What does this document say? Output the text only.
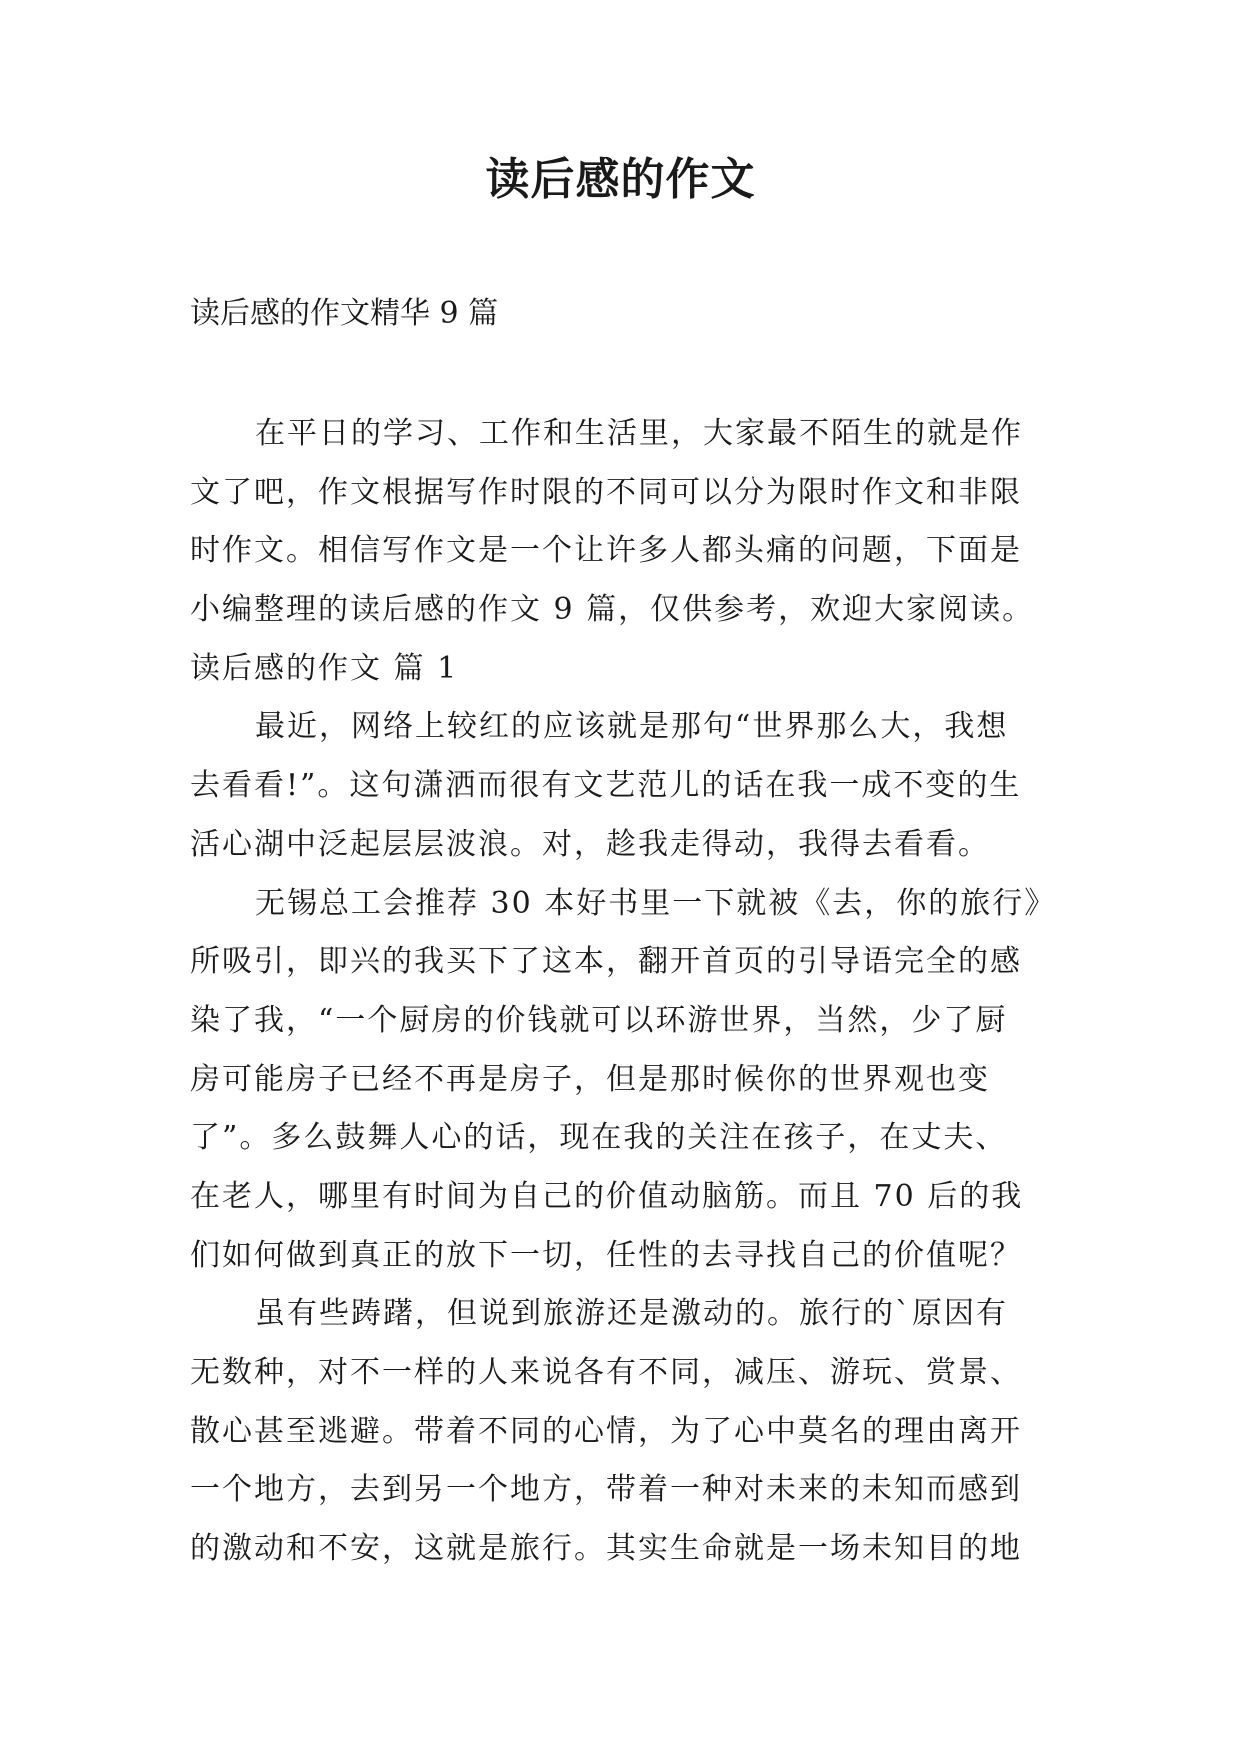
读后感的作文
读后感的作文精华 9 篇
在平日的学习、工作和生活里，大家最不陌生的就是作
文了吧，作文根据写作时限的不同可以分为限时作文和非限
时作文。相信写作文是一个让许多人都头痛的问题，下面是
小编整理的读后感的作文 9 篇，仅供参考，欢迎大家阅读。
读后感的作文 篇 1
最近，网络上较红的应该就是那句“世界那么大，我想
去看看!”。这句潇洒而很有文艺范儿的话在我一成不变的生
活心湖中泛起层层波浪。对，趁我走得动，我得去看看。
无锡总工会推荐 30 本好书里一下就被《去，你的旅行》
所吸引，即兴的我买下了这本，翻开首页的引导语完全的感
染了我，“一个厨房的价钱就可以环游世界，当然，少了厨
房可能房子已经不再是房子，但是那时候你的世界观也变
了”。多么鼓舞人心的话，现在我的关注在孩子，在丈夫、
在老人，哪里有时间为自己的价值动脑筋。而且 70 后的我
们如何做到真正的放下一切，任性的去寻找自己的价值呢？
虽有些踌躇，但说到旅游还是激动的。旅行的`原因有
无数种，对不一样的人来说各有不同，减压、游玩、赏景、
散心甚至逃避。带着不同的心情，为了心中莫名的理由离开
一个地方，去到另一个地方，带着一种对未来的未知而感到
的激动和不安，这就是旅行。其实生命就是一场未知目的地
